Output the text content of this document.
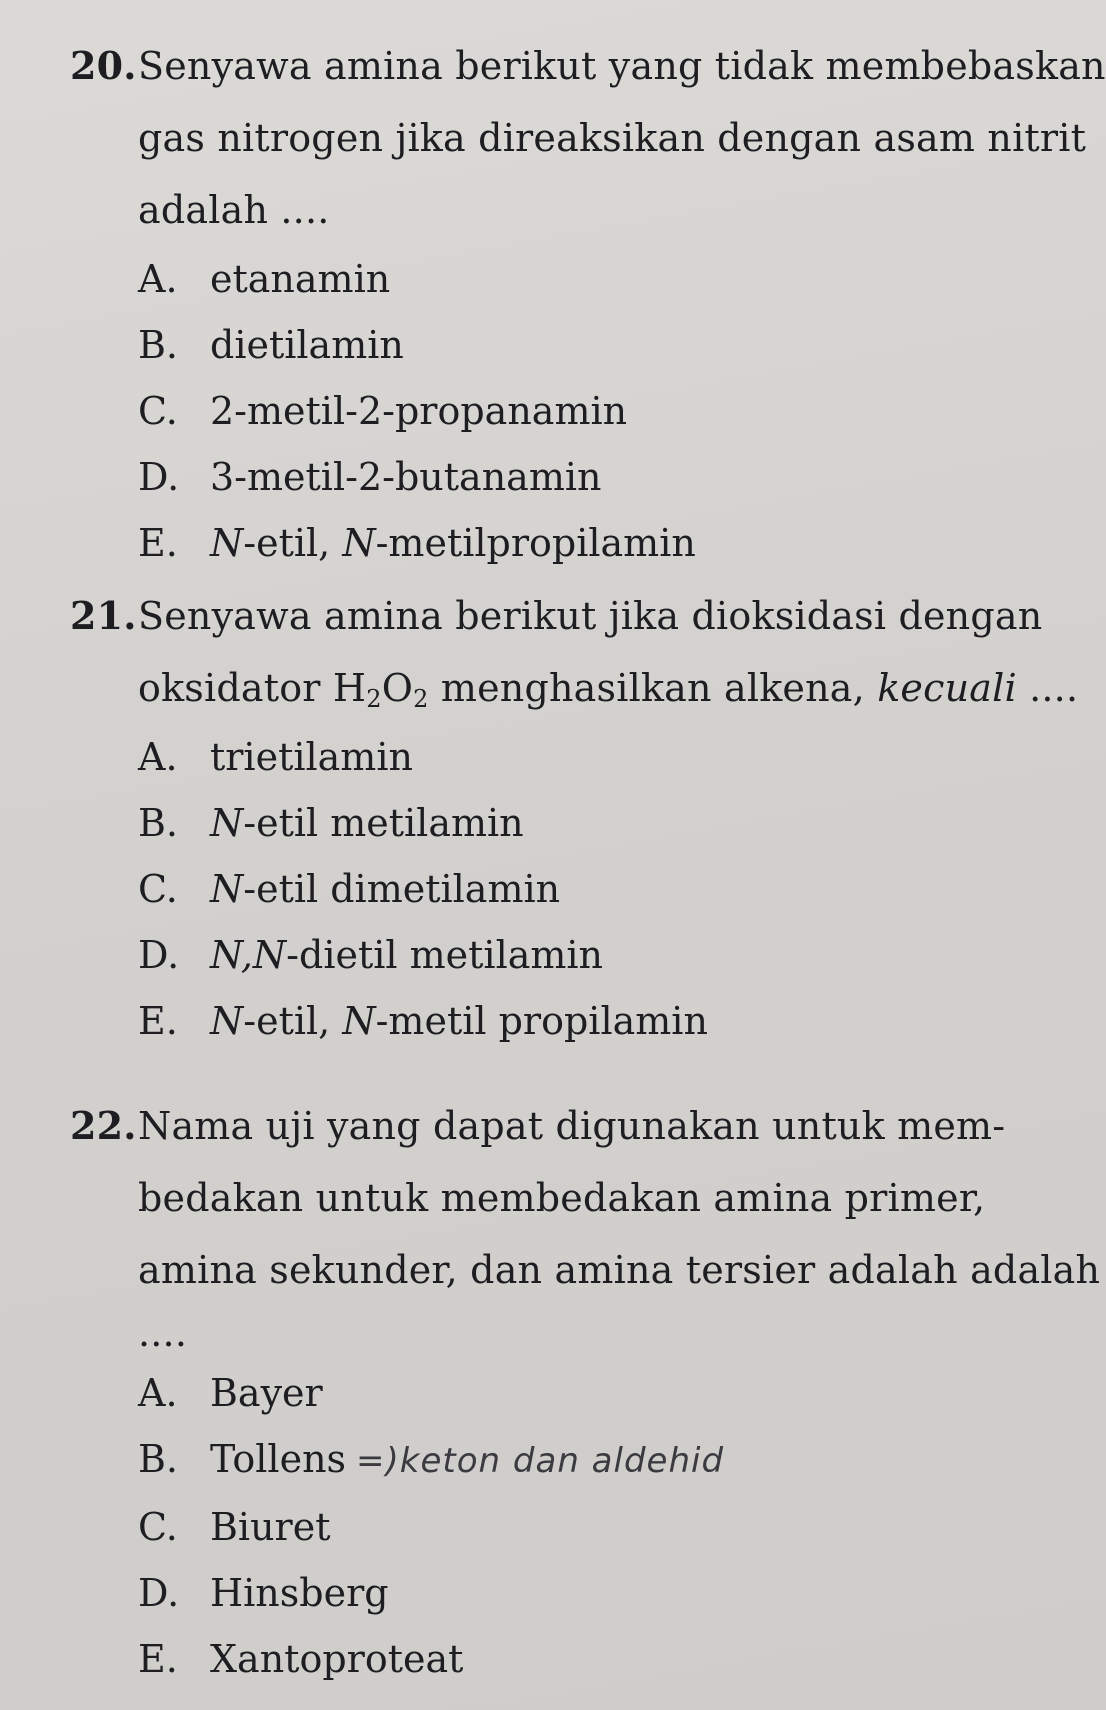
20.Senyawa amina berikut yang tidak membebaskan
gas nitrogen jika direaksikan dengan asam nitrit
adalah ....
A. etanamin
B. dietilamin
C. 2-metil-2-propanamin
D. 3-metil-2-butanamin
E. N-etil, N-metilpropilamin
21.Senyawa amina berikut jika dioksidasi dengan
oksidator $H_2O_2$ menghasilkan alkena, kecuali ....
A. trietilamin
B. N-etil metilamin
C. N-etil dimetilamin
D. N,N-dietil metilamin
E. N-etil, N-metil propilamin
22.Nama uji yang dapat digunakan untuk mem-
bedakan untuk membedakan amina primer,
amina sekunder, dan amina tersier adalah adalah
....
A. Bayer
B. Tollens =)keton dan aldehid
C. Biuret
D. Hinsberg
E. Xantoproteat
